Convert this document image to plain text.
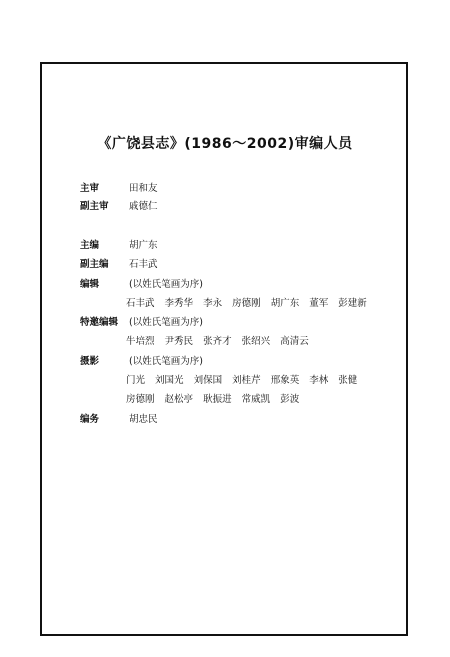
《广饶县志》(1986～2002)审编人员
主审	田和友
副主审 戚德仁
主编	胡广东
副主编 石丰武
编辑	(以姓氏笔画为序)
石丰武 李秀华 李永 房德刚 胡广东 董军 彭建新
特邀编辑 (以姓氏笔画为序)
牛培烈 尹秀民 张齐才 张绍兴 高清云
摄影	(以姓氏笔画为序)
门光 刘国光 刘保国 刘桂芹 邢象英 李林 张健
房德刚 赵松亭 耿振进 常威凯 彭波
编务	胡忠民
